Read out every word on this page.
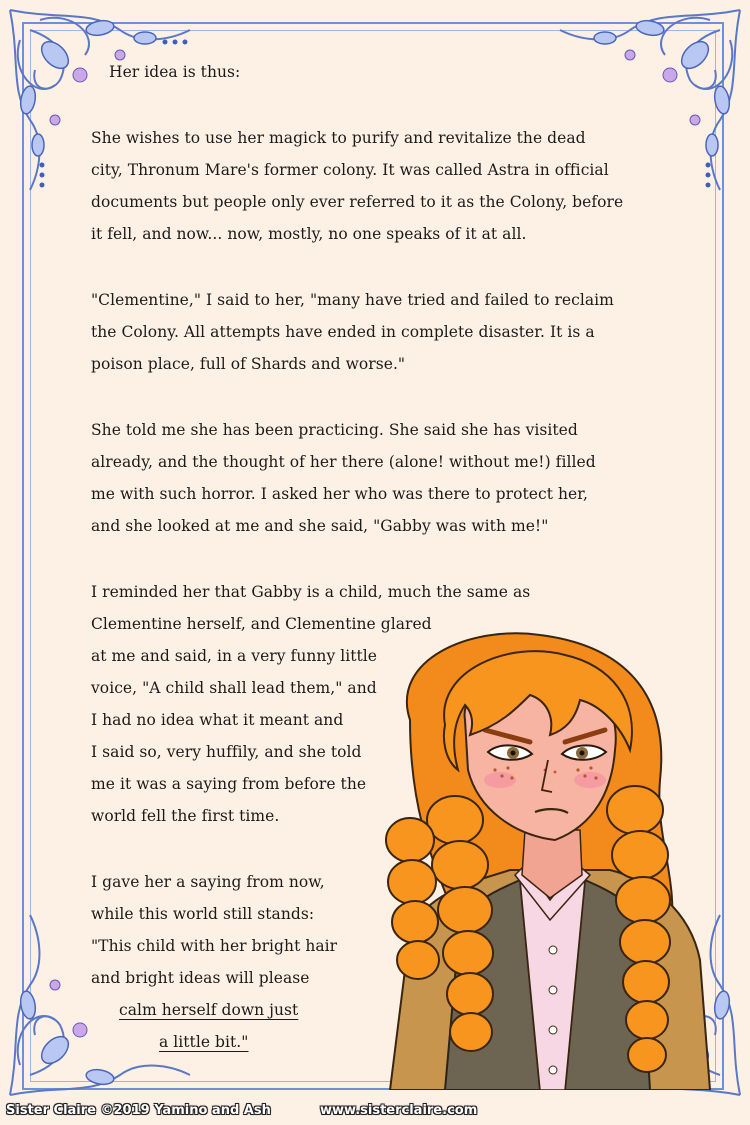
Her idea is thus:
She wishes to use her magick to purify and revitalize the dead
city, Thronum Mare's former colony. It was called Astra in official
documents but people only ever referred to it as the Colony, before
it fell, and now... now, mostly, no one speaks of it at all.
"Clementine," I said to her, "many have tried and failed to reclaim
the Colony. All attempts have ended in complete disaster. It is a
poison place, full of Shards and worse."
She told me she has been practicing. She said she has visited
already, and the thought of her there (alone! without me!) filled
me with such horror. I asked her who was there to protect her,
and she looked at me and she said, "Gabby was with me!"
I reminded her that Gabby is a child, much the same as
Clementine herself, and Clementine glared
at me and said, in a very funny little
voice, "A child shall lead them," and
I had no idea what it meant and
I said so, very huffily, and she told
me it was a saying from before the
world fell the first time.
I gave her a saying from now,
while this world still stands:
"This child with her bright hair
and bright ideas will please
calm herself down just
a little bit."
Sister Claire ©2019 Yamino and Ash	www.sisterclaire.com
